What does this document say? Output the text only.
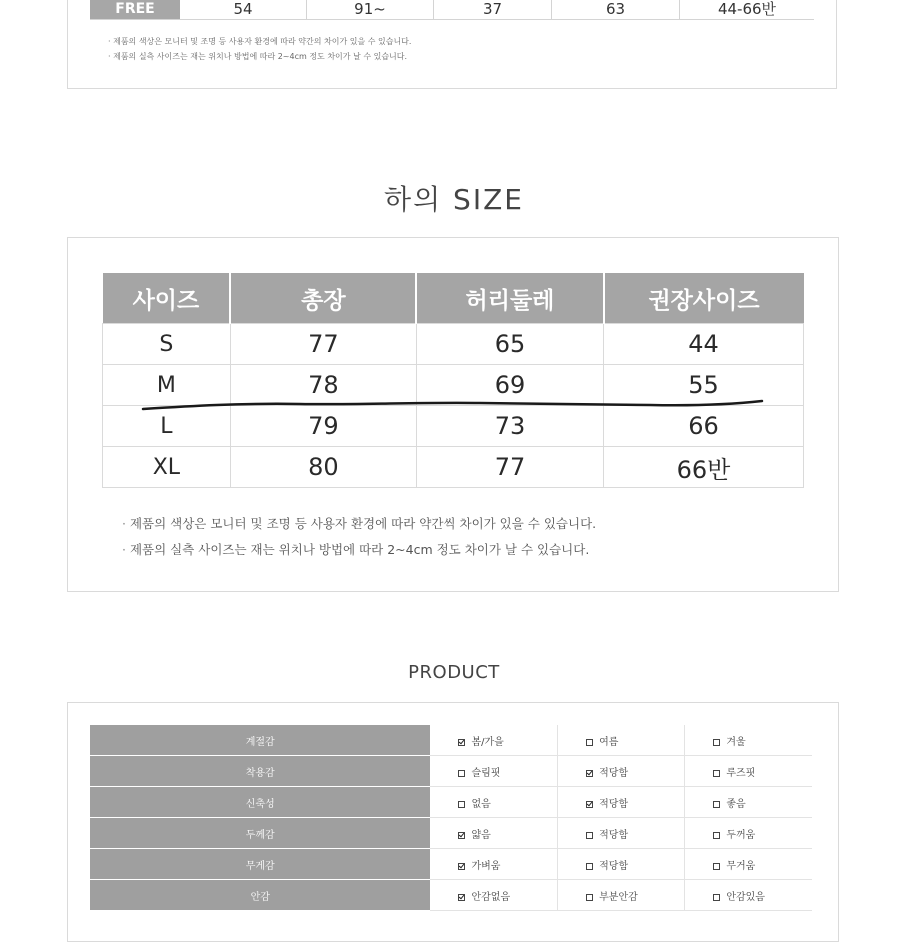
FREE	54	91~	37	63	44-66반
· 제품의 색상은 모니터 및 조명 등 사용자 환경에 따라 약간의 차이가 있을 수 있습니다.
· 제품의 실측 사이즈는 재는 위치나 방법에 따라 2~4cm 정도 차이가 날 수 있습니다.
하의 SIZE
사이즈	총장	허리둘레	권장사이즈
S	77	65	44
M	78	69	55
L	79	73	66
XL	80	77	66반
· 제품의 색상은 모니터 및 조명 등 사용자 환경에 따라 약간씩 차이가 있을 수 있습니다.
· 제품의 실측 사이즈는 재는 위치나 방법에 따라 2~4cm 정도 차이가 날 수 있습니다.
PRODUCT
계절감	봄/가을	여름	겨울
착용감	슬림핏	적당함	루즈핏
신축성	없음	적당함	좋음
두께감	얇음	적당함	두꺼움
무게감	가벼움	적당함	무거움
안감	안감없음	부분안감	안감있음
